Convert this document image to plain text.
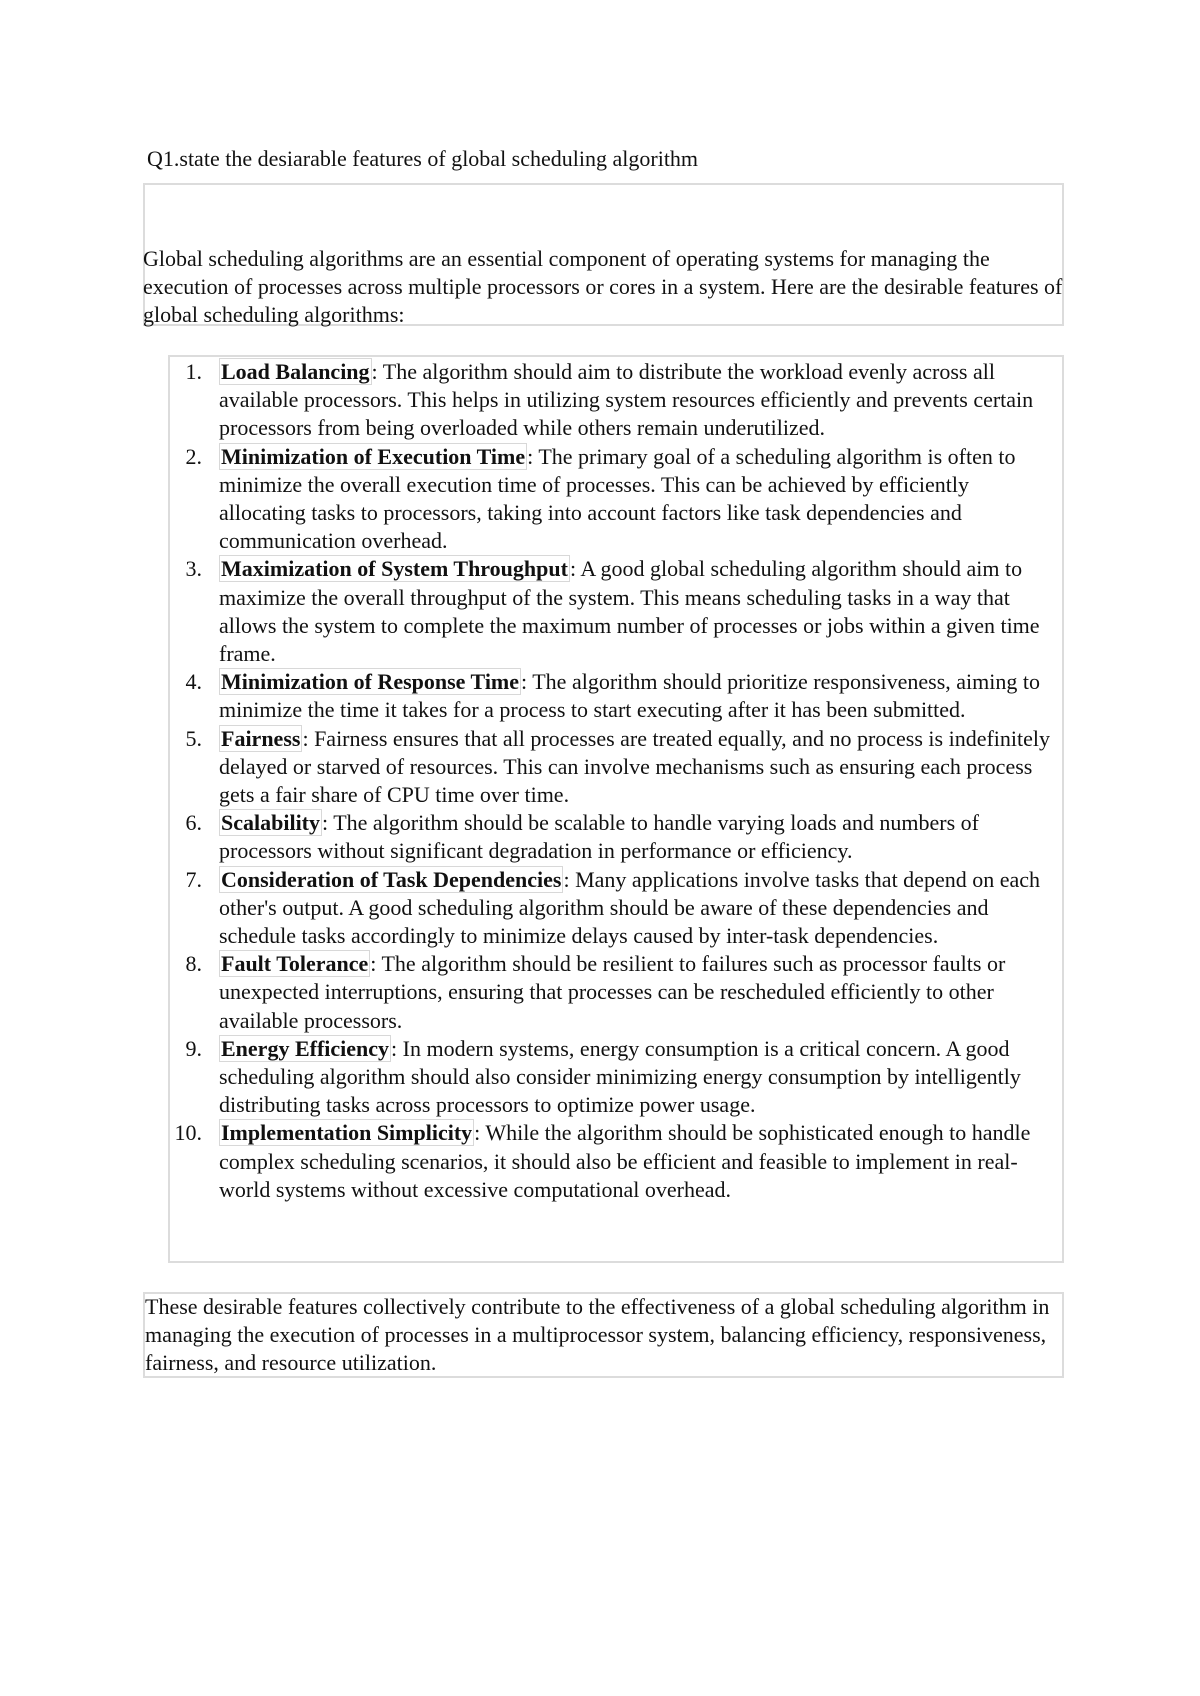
Q1.state the desiarable features of global scheduling algorithm
Global scheduling algorithms are an essential component of operating systems for managing the execution of processes across multiple processors or cores in a system. Here are the desirable features of global scheduling algorithms:
1. Load Balancing: The algorithm should aim to distribute the workload evenly across all available processors. This helps in utilizing system resources efficiently and prevents certain processors from being overloaded while others remain underutilized.
2. Minimization of Execution Time: The primary goal of a scheduling algorithm is often to minimize the overall execution time of processes. This can be achieved by efficiently allocating tasks to processors, taking into account factors like task dependencies and communication overhead.
3. Maximization of System Throughput: A good global scheduling algorithm should aim to maximize the overall throughput of the system. This means scheduling tasks in a way that allows the system to complete the maximum number of processes or jobs within a given time frame.
4. Minimization of Response Time: The algorithm should prioritize responsiveness, aiming to minimize the time it takes for a process to start executing after it has been submitted.
5. Fairness: Fairness ensures that all processes are treated equally, and no process is indefinitely delayed or starved of resources. This can involve mechanisms such as ensuring each process gets a fair share of CPU time over time.
6. Scalability: The algorithm should be scalable to handle varying loads and numbers of processors without significant degradation in performance or efficiency.
7. Consideration of Task Dependencies: Many applications involve tasks that depend on each other's output. A good scheduling algorithm should be aware of these dependencies and schedule tasks accordingly to minimize delays caused by inter-task dependencies.
8. Fault Tolerance: The algorithm should be resilient to failures such as processor faults or unexpected interruptions, ensuring that processes can be rescheduled efficiently to other available processors.
9. Energy Efficiency: In modern systems, energy consumption is a critical concern. A good scheduling algorithm should also consider minimizing energy consumption by intelligently distributing tasks across processors to optimize power usage.
10. Implementation Simplicity: While the algorithm should be sophisticated enough to handle complex scheduling scenarios, it should also be efficient and feasible to implement in real-world systems without excessive computational overhead.
These desirable features collectively contribute to the effectiveness of a global scheduling algorithm in managing the execution of processes in a multiprocessor system, balancing efficiency, responsiveness, fairness, and resource utilization.
